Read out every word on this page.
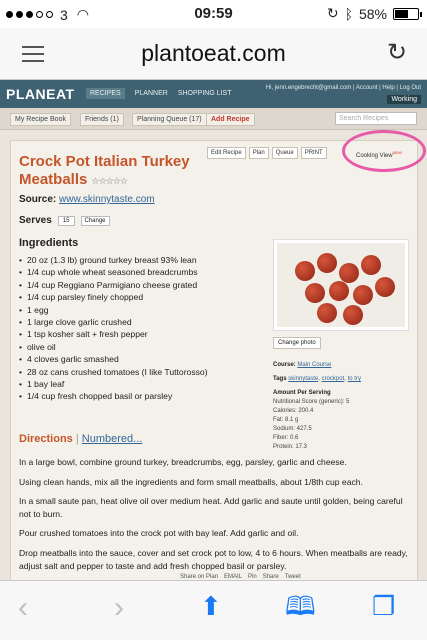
3 ◠	09:59	↻ ᛒ 58%
plantoeat.com	↻
PLANEAT	RECIPES	PLANNER SHOPPING LIST
Hi, jenn.engebrecht@gmail.com | Account | Help | Log Out
Working
My Recipe Book	Friends (1)	Planning Queue (17)	Add Recipe	Search Recipes
Crock Pot Italian Turkey Meatballs ☆☆☆☆☆
Edit Recipe	Plan	Queue	PRINT	Cooking View$^{NEW}$
Source: www.skinnytaste.com
Serves	15	Change
Ingredients
• 20 oz (1.3 lb) ground turkey breast 93% lean
• 1/4 cup whole wheat seasoned breadcrumbs
• 1/4 cup Reggiano Parmigiano cheese grated
• 1/4 cup parsley finely chopped
• 1 egg
• 1 large clove garlic crushed
• 1 tsp kosher salt + fresh pepper
• olive oil
• 4 cloves garlic smashed
• 28 oz cans crushed tomatoes (I like Tuttorosso)
• 1 bay leaf
• 1/4 cup fresh chopped basil or parsley
Directions | Numbered...

In a large bowl, combine ground turkey, breadcrumbs, egg, parsley, garlic and cheese.

Using clean hands, mix all the ingredients and form small meatballs, about 1/8th cup each.

In a small saute pan, heat olive oil over medium heat. Add garlic and saute until golden, being careful not to burn.

Pour crushed tomatoes into the crock pot with bay leaf. Add garlic and oil.

Drop meatballs into the sauce, cover and set crock pot to low, 4 to 6 hours. When meatballs are ready, adjust salt and pepper to taste and add fresh chopped basil or parsley.

Change photo
Course: Main Course
Tags skinnytaste, crockpot, to try
Amount Per Serving
Nutritional Score (generic): 5
Calories: 200.4
Fat: 8.1 g
Sodium: 427.5
Fiber: 0.6
Protein: 17.3
Share on Plan EMAIL Pin Share Tweet
‹	›	⬆ 🕮 ❐
